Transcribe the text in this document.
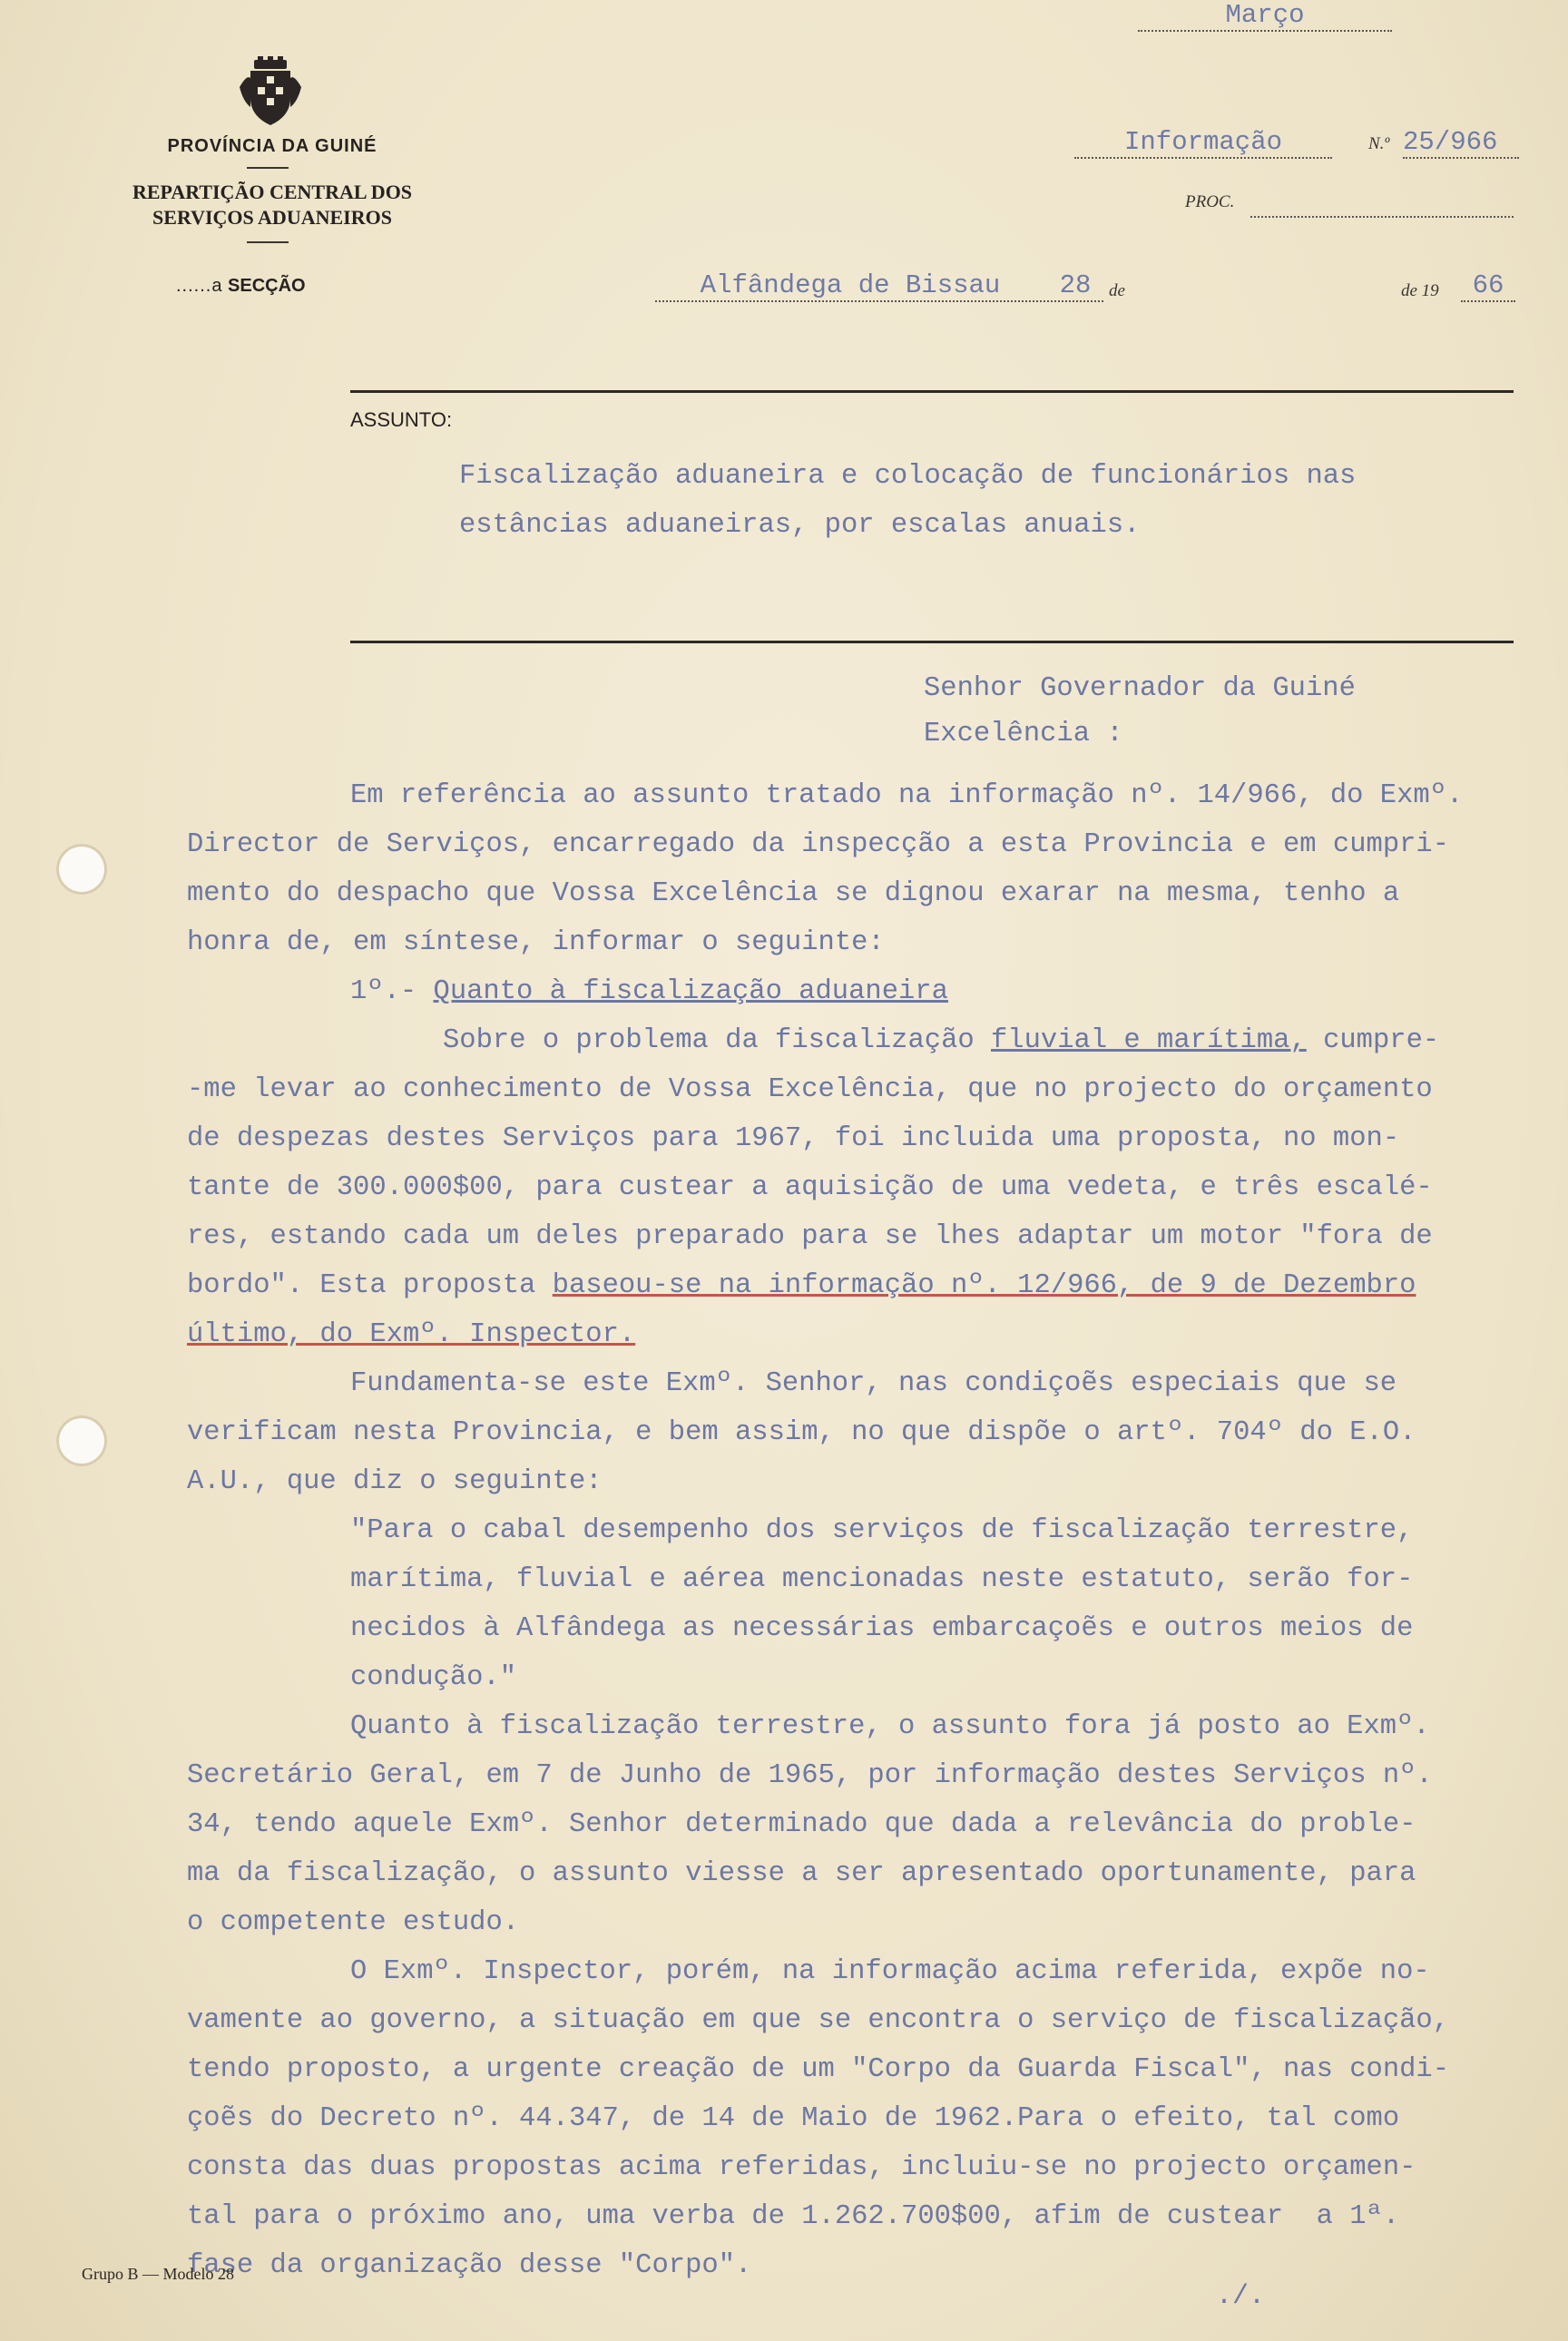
PROVÍNCIA DA GUINÉ
REPARTIÇÃO CENTRAL DOS
SERVIÇOS ADUANEIROS
......a SECÇÃO
Informação	N.º 25/966
PROC.
Alfândega de Bissau	28	de
Março
de 19	66
ASSUNTO:
Fiscalização aduaneira e colocação de funcionários nas
estâncias aduaneiras, por escalas anuais.
Senhor Governador da Guiné
Excelência :
Em referência ao assunto tratado na informação nº. 14/966, do Exmº.
Director de Serviços, encarregado da inspecção a esta Provincia e em cumpri-
mento do despacho que Vossa Excelência se dignou exarar na mesma, tenho a
honra de, em síntese, informar o seguinte:
1º.- Quanto à fiscalização aduaneira
Sobre o problema da fiscalização fluvial e marítima, cumpre-
-me levar ao conhecimento de Vossa Excelência, que no projecto do orçamento
de despezas destes Serviços para 1967, foi incluida uma proposta, no mon-
tante de 300.000$00, para custear a aquisição de uma vedeta, e três escalé-
res, estando cada um deles preparado para se lhes adaptar um motor "fora de
bordo". Esta proposta baseou-se na informação nº. 12/966, de 9 de Dezembro
último, do Exmº. Inspector.
Fundamenta-se este Exmº. Senhor, nas condiçoẽs especiais que se
verificam nesta Provincia, e bem assim, no que dispõe o artº. 704º do E.O.
A.U., que diz o seguinte:
"Para o cabal desempenho dos serviços de fiscalização terrestre,
marítima, fluvial e aérea mencionadas neste estatuto, serão for-
necidos à Alfândega as necessárias embarcaçoẽs e outros meios de
condução."
Quanto à fiscalização terrestre, o assunto fora já posto ao Exmº.
Secretário Geral, em 7 de Junho de 1965, por informação destes Serviços nº.
34, tendo aquele Exmº. Senhor determinado que dada a relevância do proble-
ma da fiscalização, o assunto viesse a ser apresentado oportunamente, para
o competente estudo.
O Exmº. Inspector, porém, na informação acima referida, expõe no-
vamente ao governo, a situação em que se encontra o serviço de fiscalização,
tendo proposto, a urgente creação de um "Corpo da Guarda Fiscal", nas condi-
çoẽs do Decreto nº. 44.347, de 14 de Maio de 1962.Para o efeito, tal como
consta das duas propostas acima referidas, incluiu-se no projecto orçamen-
tal para o próximo ano, uma verba de 1.262.700$00, afim de custear  a 1ª.
fase da organização desse "Corpo".
Grupo B — Modelo 28
./.
